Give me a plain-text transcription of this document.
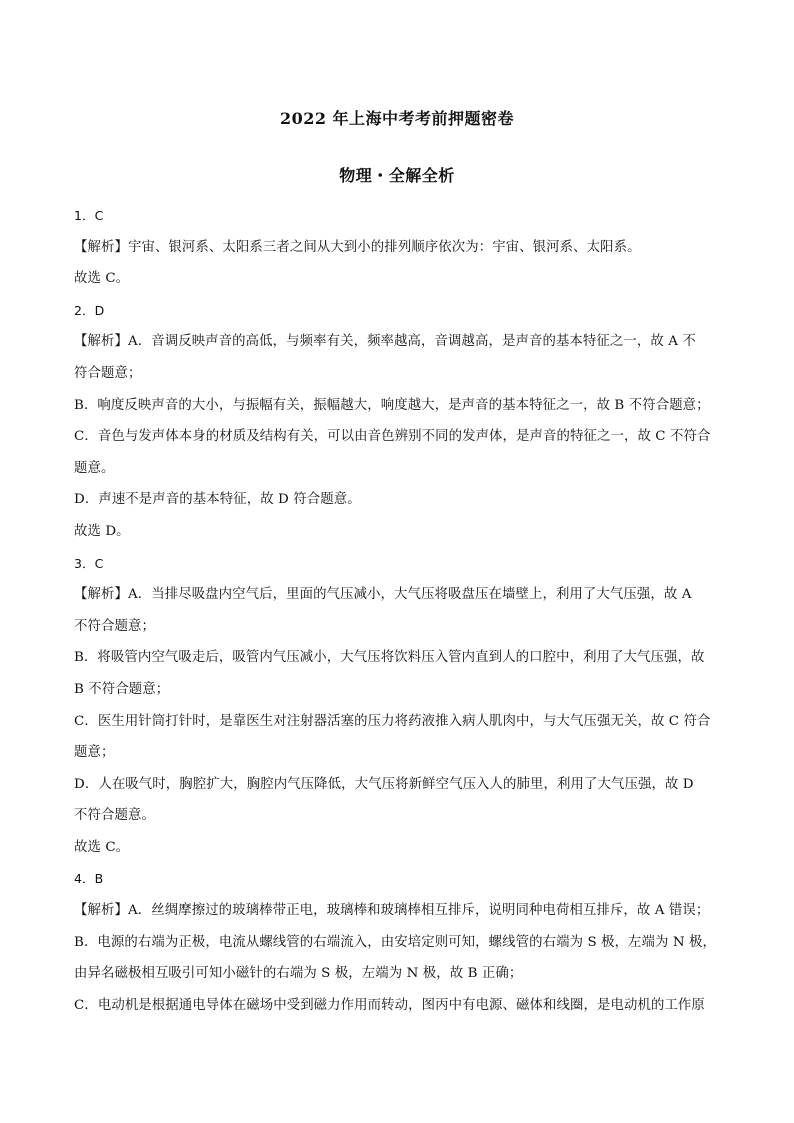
2022 年上海中考考前押题密卷
物理・全解全析
1．C
【解析】宇宙、银河系、太阳系三者之间从大到小的排列顺序依次为：宇宙、银河系、太阳系。
故选 C。
2．D
【解析】A．音调反映声音的高低，与频率有关，频率越高，音调越高，是声音的基本特征之一，故 A 不
符合题意；
B．响度反映声音的大小，与振幅有关，振幅越大，响度越大，是声音的基本特征之一，故 B 不符合题意；
C．音色与发声体本身的材质及结构有关，可以由音色辨别不同的发声体，是声音的特征之一，故 C 不符合
题意。
D．声速不是声音的基本特征，故 D 符合题意。
故选 D。
3．C
【解析】A．当排尽吸盘内空气后，里面的气压减小，大气压将吸盘压在墙壁上，利用了大气压强，故 A
不符合题意；
B．将吸管内空气吸走后，吸管内气压减小，大气压将饮料压入管内直到人的口腔中，利用了大气压强，故
B 不符合题意；
C．医生用针筒打针时，是靠医生对注射器活塞的压力将药液推入病人肌肉中，与大气压强无关，故 C 符合
题意；
D．人在吸气时，胸腔扩大，胸腔内气压降低，大气压将新鲜空气压入人的肺里，利用了大气压强，故 D
不符合题意。
故选 C。
4．B
【解析】A．丝绸摩擦过的玻璃棒带正电，玻璃棒和玻璃棒相互排斥，说明同种电荷相互排斥，故 A 错误；
B．电源的右端为正极，电流从螺线管的右端流入，由安培定则可知，螺线管的右端为 S 极，左端为 N 极，
由异名磁极相互吸引可知小磁针的右端为 S 极，左端为 N 极，故 B 正确；
C．电动机是根据通电导体在磁场中受到磁力作用而转动，图丙中有电源、磁体和线圈，是电动机的工作原
